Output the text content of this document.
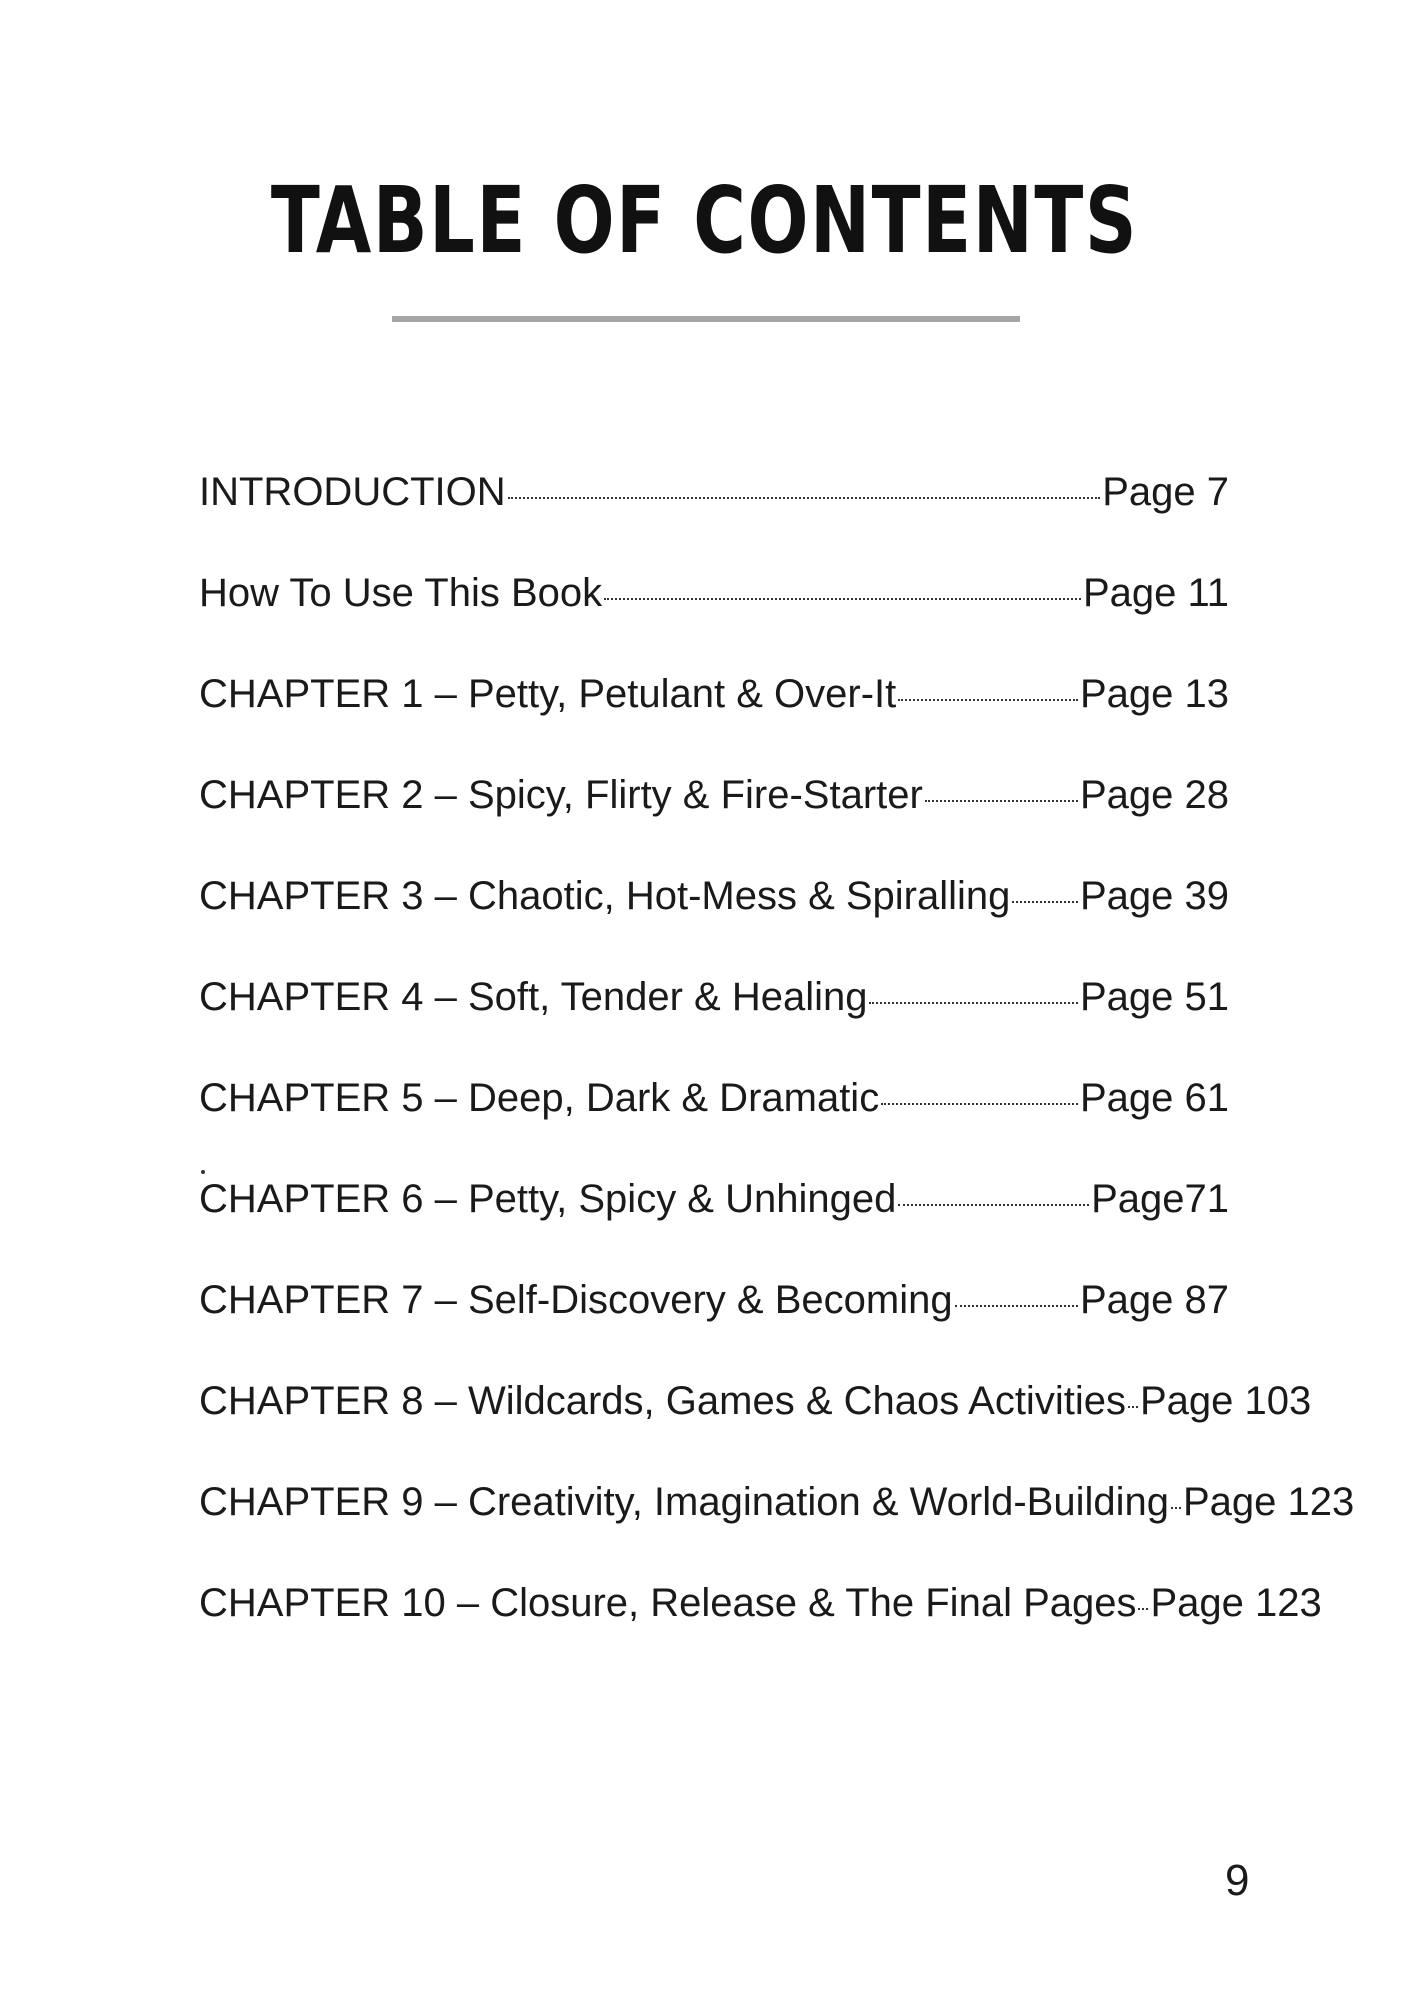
TABLE OF CONTENTS
INTRODUCTION	Page 7
How To Use This Book	Page 11
CHAPTER 1 – Petty, Petulant & Over-It	Page 13
CHAPTER 2 – Spicy, Flirty & Fire-Starter	Page 28
CHAPTER 3 – Chaotic, Hot-Mess & Spiralling Page 39
CHAPTER 4 – Soft, Tender & Healing	Page 51
CHAPTER 5 – Deep, Dark & Dramatic	Page 61
CHAPTER 6 – Petty, Spicy & Unhinged	Page71
CHAPTER 7 – Self-Discovery & Becoming	Page 87
CHAPTER 8 – Wildcards, Games & Chaos Activities Page 103
CHAPTER 9 – Creativity, Imagination & World-Building Page 123
CHAPTER 10 – Closure, Release & The Final Pages Page 123
9
